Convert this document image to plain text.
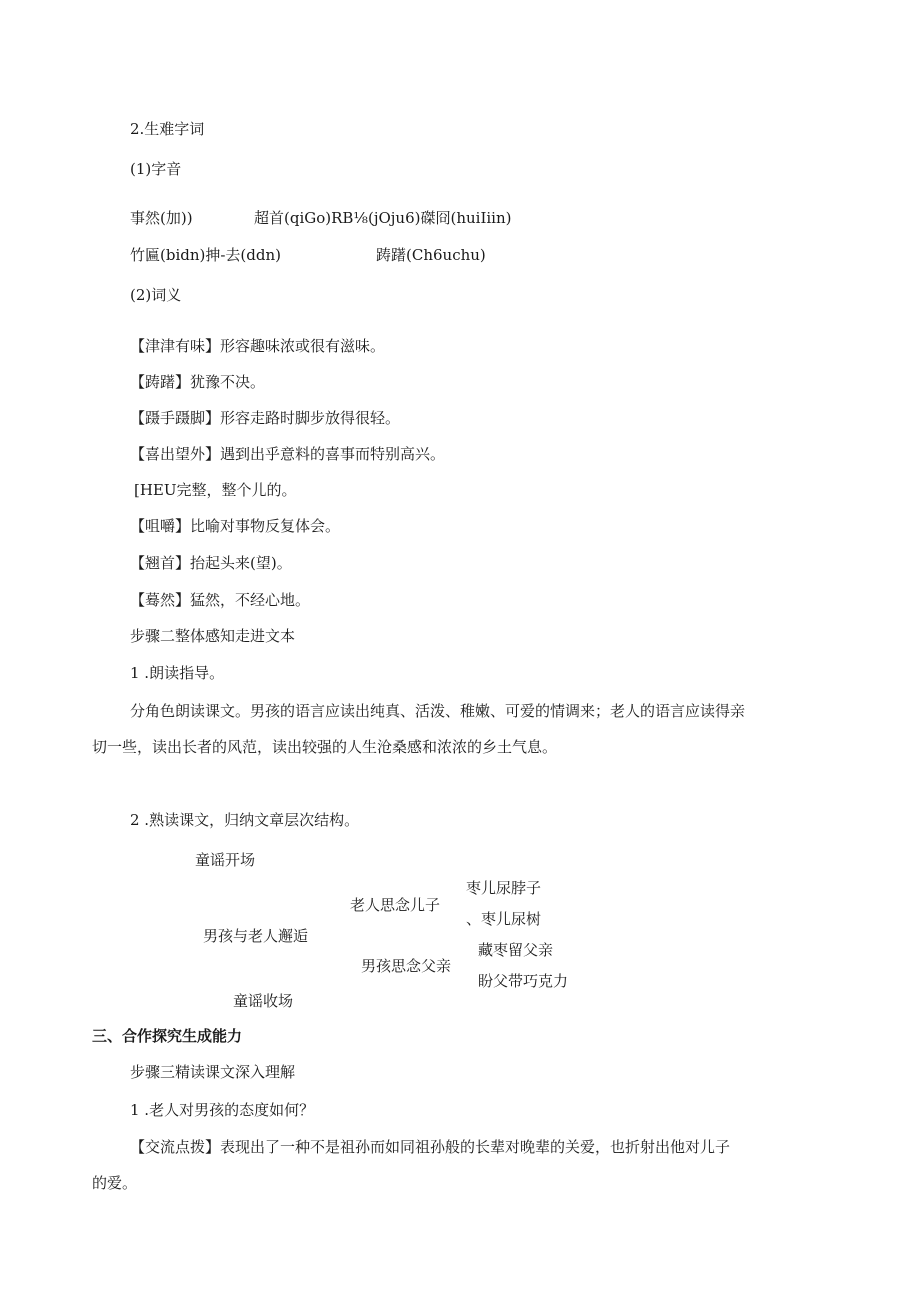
2.生难字词
(1)字音
事然(加))	超首(qiGo)RB⅛(jOju6)磔冏(huiIiin)
竹匾(bidn)抻-去(ddn)	踌躇(Ch6uchu)
(2)词义
【津津有味】形容趣味浓或很有滋味。
【踌躇】犹豫不决。
【蹑手蹑脚】形容走路时脚步放得很轻。
【喜出望外】遇到出乎意料的喜事而特别高兴。
[HEU完整，整个儿的。
【咀嚼】比喻对事物反复体会。
【翘首】抬起头来(望)。
【蓦然】猛然，不经心地。
步骤二整体感知走进文本
1 .朗读指导。
分角色朗读课文。男孩的语言应读出纯真、活泼、稚嫩、可爱的情调来；老人的语言应读得亲
切一些，读出长者的风范，读出较强的人生沧桑感和浓浓的乡土气息。
2 .熟读课文，归纳文章层次结构。
童谣开场
男孩与老人邂逅
老人思念儿子
男孩思念父亲
枣儿尿脖子
、枣儿尿树
藏枣留父亲
盼父带巧克力
童谣收场
三、合作探究生成能力
步骤三精读课文深入理解
1 .老人对男孩的态度如何？
【交流点拨】表现出了一种不是祖孙而如同祖孙般的长辈对晚辈的关爱，也折射出他对儿子
的爱。
